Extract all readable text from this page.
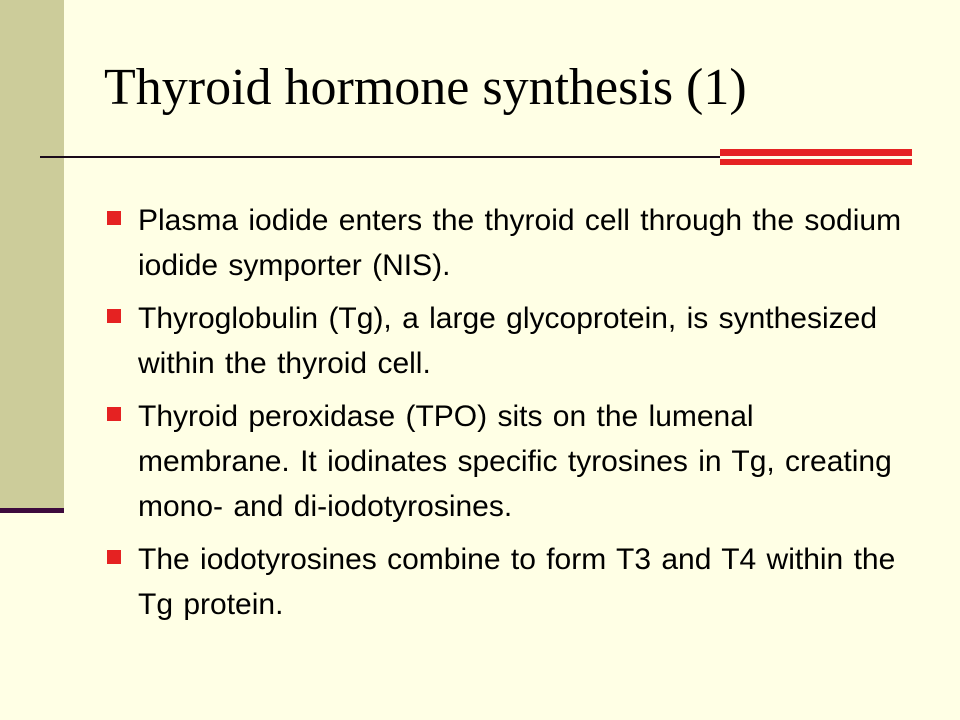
Thyroid hormone synthesis (1)
Plasma iodide enters the thyroid cell through the sodium iodide symporter (NIS).
Thyroglobulin (Tg), a large glycoprotein, is synthesized within the thyroid cell.
Thyroid peroxidase (TPO) sits on the lumenal membrane. It iodinates specific tyrosines in Tg, creating mono- and di-iodotyrosines.
The iodotyrosines combine to form T3 and T4 within the Tg protein.
